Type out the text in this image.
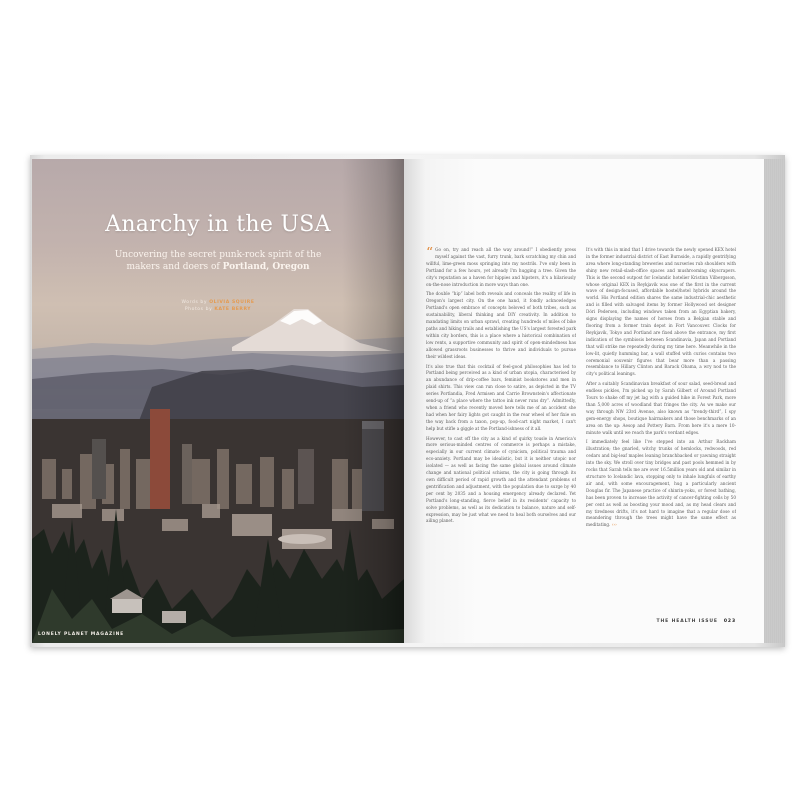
Anarchy in the USA
Uncovering the secret punk-rock spirit of the makers and doers of Portland, Oregon
Words by OLIVIA SQUIRE
Photos by KATE BERRY
LONELY PLANET MAGAZINE

“ Go on, try and reach all the way around!” I obediently press myself against the vast, furry trunk, bark scratching my chin and willful, lime-green moss springing into my nostrils. I've only been in Portland for a few hours, yet already I'm hugging a tree. Given the city's reputation as a haven for hippies and hipsters, it's a hilariously on-the-nose introduction in more ways than one.

The double “hip” label both reveals and conceals the reality of life in Oregon's largest city. On the one hand, it fondly acknowledges Portland's open embrace of concepts beloved of both tribes, such as sustainability, liberal thinking and DIY creativity. In addition to mandating limits on urban sprawl, creating hundreds of miles of bike paths and hiking trails and establishing the US's largest forested park within city borders, this is a place where a historical combination of low rents, a supportive community and spirit of open-mindedness has allowed grassroots businesses to thrive and individuals to pursue their wildest ideas.

It's also true that this cocktail of feel-good philosophies has led to Portland being perceived as a kind of urban utopia, characterised by an abundance of drip-coffee bars, feminist bookstores and men in plaid shirts. This view can run close to satire, as depicted in the TV series Portlandia, Fred Armisen and Carrie Brownstein's affectionate send-up of “a place where the tattoo ink never runs dry”. Admittedly, when a friend who recently moved here tells me of an accident she had when her fairy lights got caught in the rear wheel of her fixie on the way back from a taxon, pop-up, food-cart night market, I can't help but stifle a giggle at the Portland-ishness of it all.

However, to cast off the city as a kind of quirky tousle in America's more serious-minded centres of commerce is perhaps a mistake, especially in our current climate of cynicism, political trauma and eco-anxiety. Portland may be idealistic, but it is neither utopic nor isolated — as well as facing the same global issues around climate change and national political schisms, the city is going through its own difficult period of rapid growth and the attendant problems of gentrification and adjustment, with the population due to surge by 40 per cent by 2035 and a housing emergency already declared. Yet Portland's long-standing, fierce belief in its residents' capacity to solve problems, as well as its dedication to balance, nature and self-expression, may be just what we need to heal both ourselves and our ailing planet.

It's with this in mind that I drive towards the newly opened KEX hotel in the former industrial district of East Burnside, a rapidly gentrifying area where long-standing breweries and nurseries rub shoulders with shiny new retail-slash-office spaces and mushrooming skyscrapers. This is the second outpost for Icelandic hotelier Kristinn Vilbergsson, whose original KEX in Reykjavik was one of the first in the current wave of design-focused, affordable hostel/hotel hybrids around the world. His Portland edition shares the same industrial-chic aesthetic and is filled with salvaged items by former Hollywood set designer Dóri Pedersen, including windows taken from an Egyptian bakery, signs displaying the names of horses from a Belgian stable and flooring from a former train depot in Fort Vancouver. Clocks for Reykjavik, Tokyo and Portland are fixed above the entrance, my first indication of the symbiosis between Scandinavia, Japan and Portland that will strike me repeatedly during my time here. Meanwhile in the low-lit, quietly humming bar, a wall stuffed with curios contains two ceremonial souvenir figures that bear more than a passing resemblance to Hillary Clinton and Barack Obama, a wry nod to the city's political leanings.

After a suitably Scandinavian breakfast of sour salad, seed-bread and endless pickles, I'm picked up by Sarah Gilbert of Around Portland Tours to shake off my jet lag with a guided hike in Forest Park, more than 5,000 acres of woodland that fringes the city. As we make our way through NW 23rd Avenue, also known as “trendy-third”, I spy gem-energy shops, boutique hairmakers and those benchmarks of an area on the up: Aesop and Pottery Barn. From here it's a mere 10-minute walk until we reach the park's verdant edges.

I immediately feel like I've stepped into an Arthur Rackham illustration; the gnarled, witchy trunks of hemlocks, redwoods, red cedars and big-leaf maples leaning branchbacked or yawning straight into the sky. We stroll over tiny bridges and past pools hemmed in by rocks that Sarah tells me are over 16.5million years old and similar in structure to Icelandic lava, stopping only to inhale lungfuls of earthy air and, with some encouragement, hug a particularly ancient Douglas fir. The Japanese practice of shinrin-yoku, or forest bathing, has been proven to increase the activity of cancer-fighting cells by 50 per cent as well as boosting your mood and, as my head clears and my tiredness drifts, it's not hard to imagine that a regular dose of meandering through the trees might have the same effect as meditating. ›››

THE HEALTH ISSUE 023
